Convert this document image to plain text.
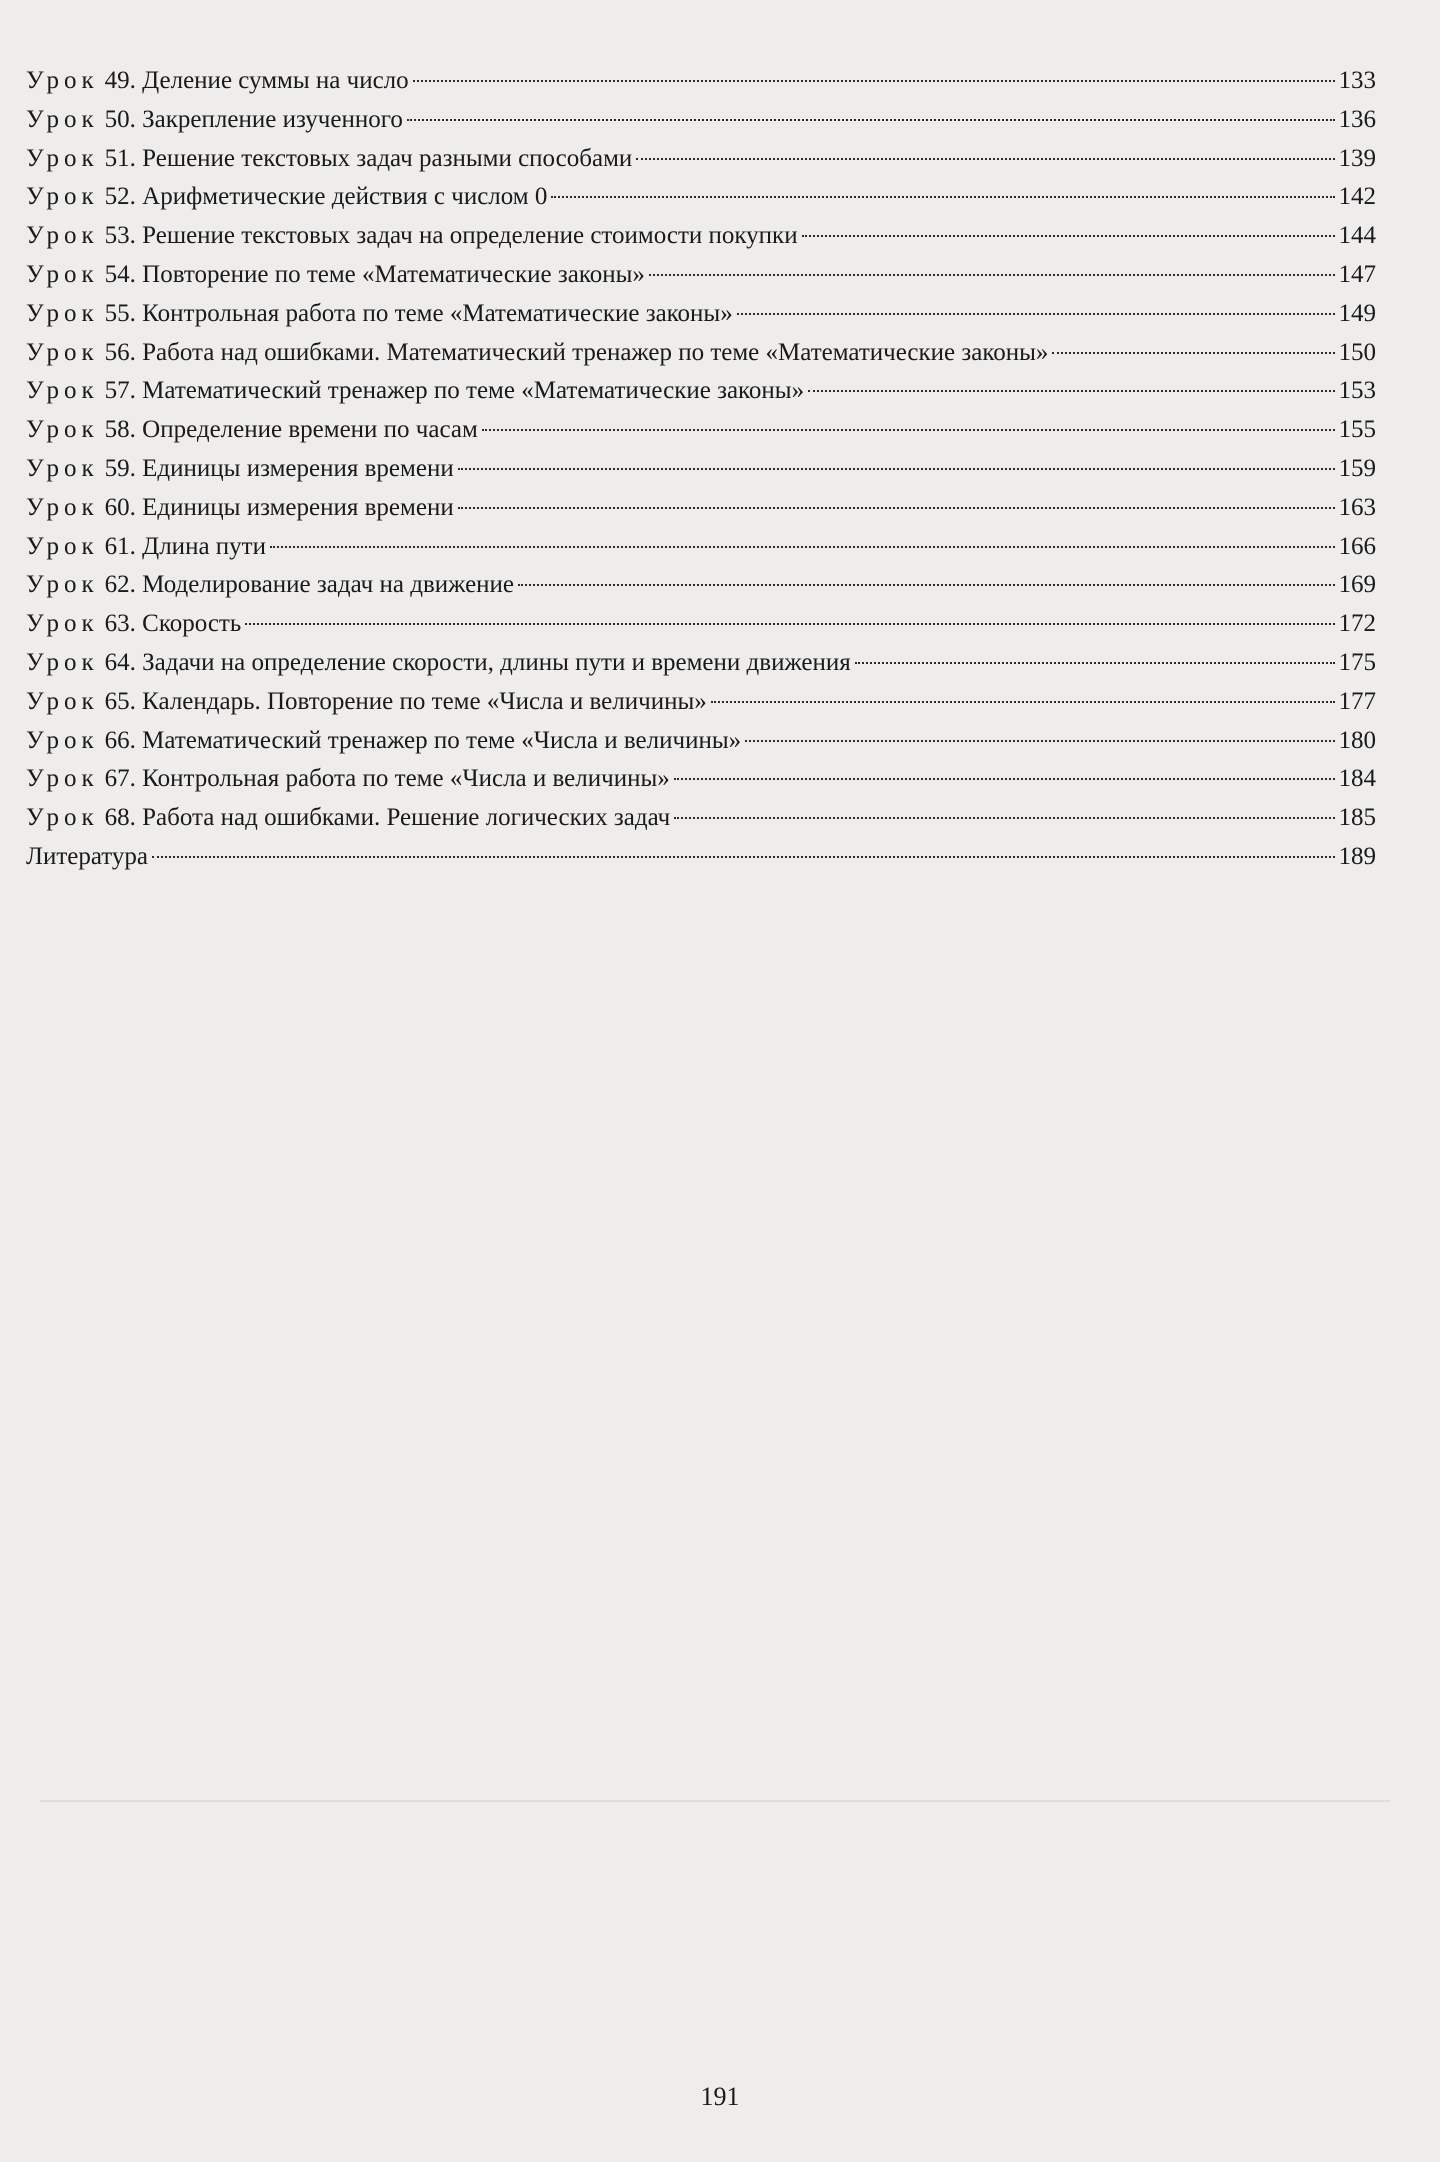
Урок 49. Деление суммы на число	133
Урок 50. Закрепление изученного	136
Урок 51. Решение текстовых задач разными способами	139
Урок 52. Арифметические действия с числом 0	142
Урок 53. Решение текстовых задач на определение стоимости покупки	144
Урок 54. Повторение по теме «Математические законы»	147
Урок 55. Контрольная работа по теме «Математические законы»	149
Урок 56. Работа над ошибками. Математический тренажер по теме «Математические законы»	150
Урок 57. Математический тренажер по теме «Математические законы»	153
Урок 58. Определение времени по часам	155
Урок 59. Единицы измерения времени	159
Урок 60. Единицы измерения времени	163
Урок 61. Длина пути	166
Урок 62. Моделирование задач на движение	169
Урок 63. Скорость	172
Урок 64. Задачи на определение скорости, длины пути и времени движения	175
Урок 65. Календарь. Повторение по теме «Числа и величины»	177
Урок 66. Математический тренажер по теме «Числа и величины»	180
Урок 67. Контрольная работа по теме «Числа и величины»	184
Урок 68. Работа над ошибками. Решение логических задач	185
Литература	189
191
